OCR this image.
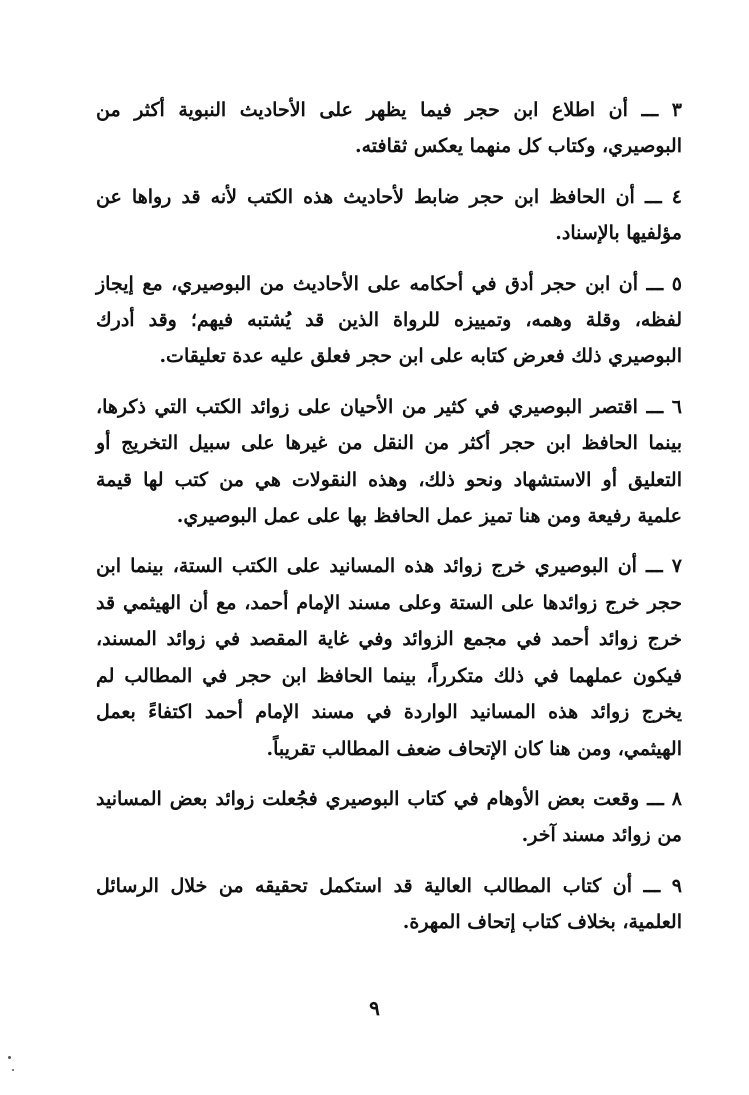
٣ ـــ أن اطلاع ابن حجر فيما يظهر على الأحاديث النبوية أكثر من البوصيري، وكتاب كل منهما يعكس ثقافته.

٤ ـــ أن الحافظ ابن حجر ضابط لأحاديث هذه الكتب لأنه قد رواها عن مؤلفيها بالإسناد.

٥ ـــ أن ابن حجر أدق في أحكامه على الأحاديث من البوصيري، مع إيجاز لفظه، وقلة وهمه، وتمييزه للرواة الذين قد يُشتبه فيهم؛ وقد أدرك البوصيري ذلك فعرض كتابه على ابن حجر فعلق عليه عدة تعليقات.

٦ ـــ اقتصر البوصيري في كثير من الأحيان على زوائد الكتب التي ذكرها، بينما الحافظ ابن حجر أكثر من النقل من غيرها على سبيل التخريج أو التعليق أو الاستشهاد ونحو ذلك، وهذه النقولات هي من كتب لها قيمة علمية رفيعة ومن هنا تميز عمل الحافظ بها على عمل البوصيري.

٧ ـــ أن البوصيري خرج زوائد هذه المسانيد على الكتب الستة، بينما ابن حجر خرج زوائدها على الستة وعلى مسند الإمام أحمد، مع أن الهيثمي قد خرج زوائد أحمد في مجمع الزوائد وفي غاية المقصد في زوائد المسند، فيكون عملهما في ذلك متكرراً، بينما الحافظ ابن حجر في المطالب لم يخرج زوائد هذه المسانيد الواردة في مسند الإمام أحمد اكتفاءً بعمل الهيثمي، ومن هنا كان الإتحاف ضعف المطالب تقريباً.

٨ ـــ وقعت بعض الأوهام في كتاب البوصيري فجُعلت زوائد بعض المسانيد من زوائد مسند آخر.

٩ ـــ أن كتاب المطالب العالية قد استكمل تحقيقه من خلال الرسائل العلمية، بخلاف كتاب إتحاف المهرة.

٩
